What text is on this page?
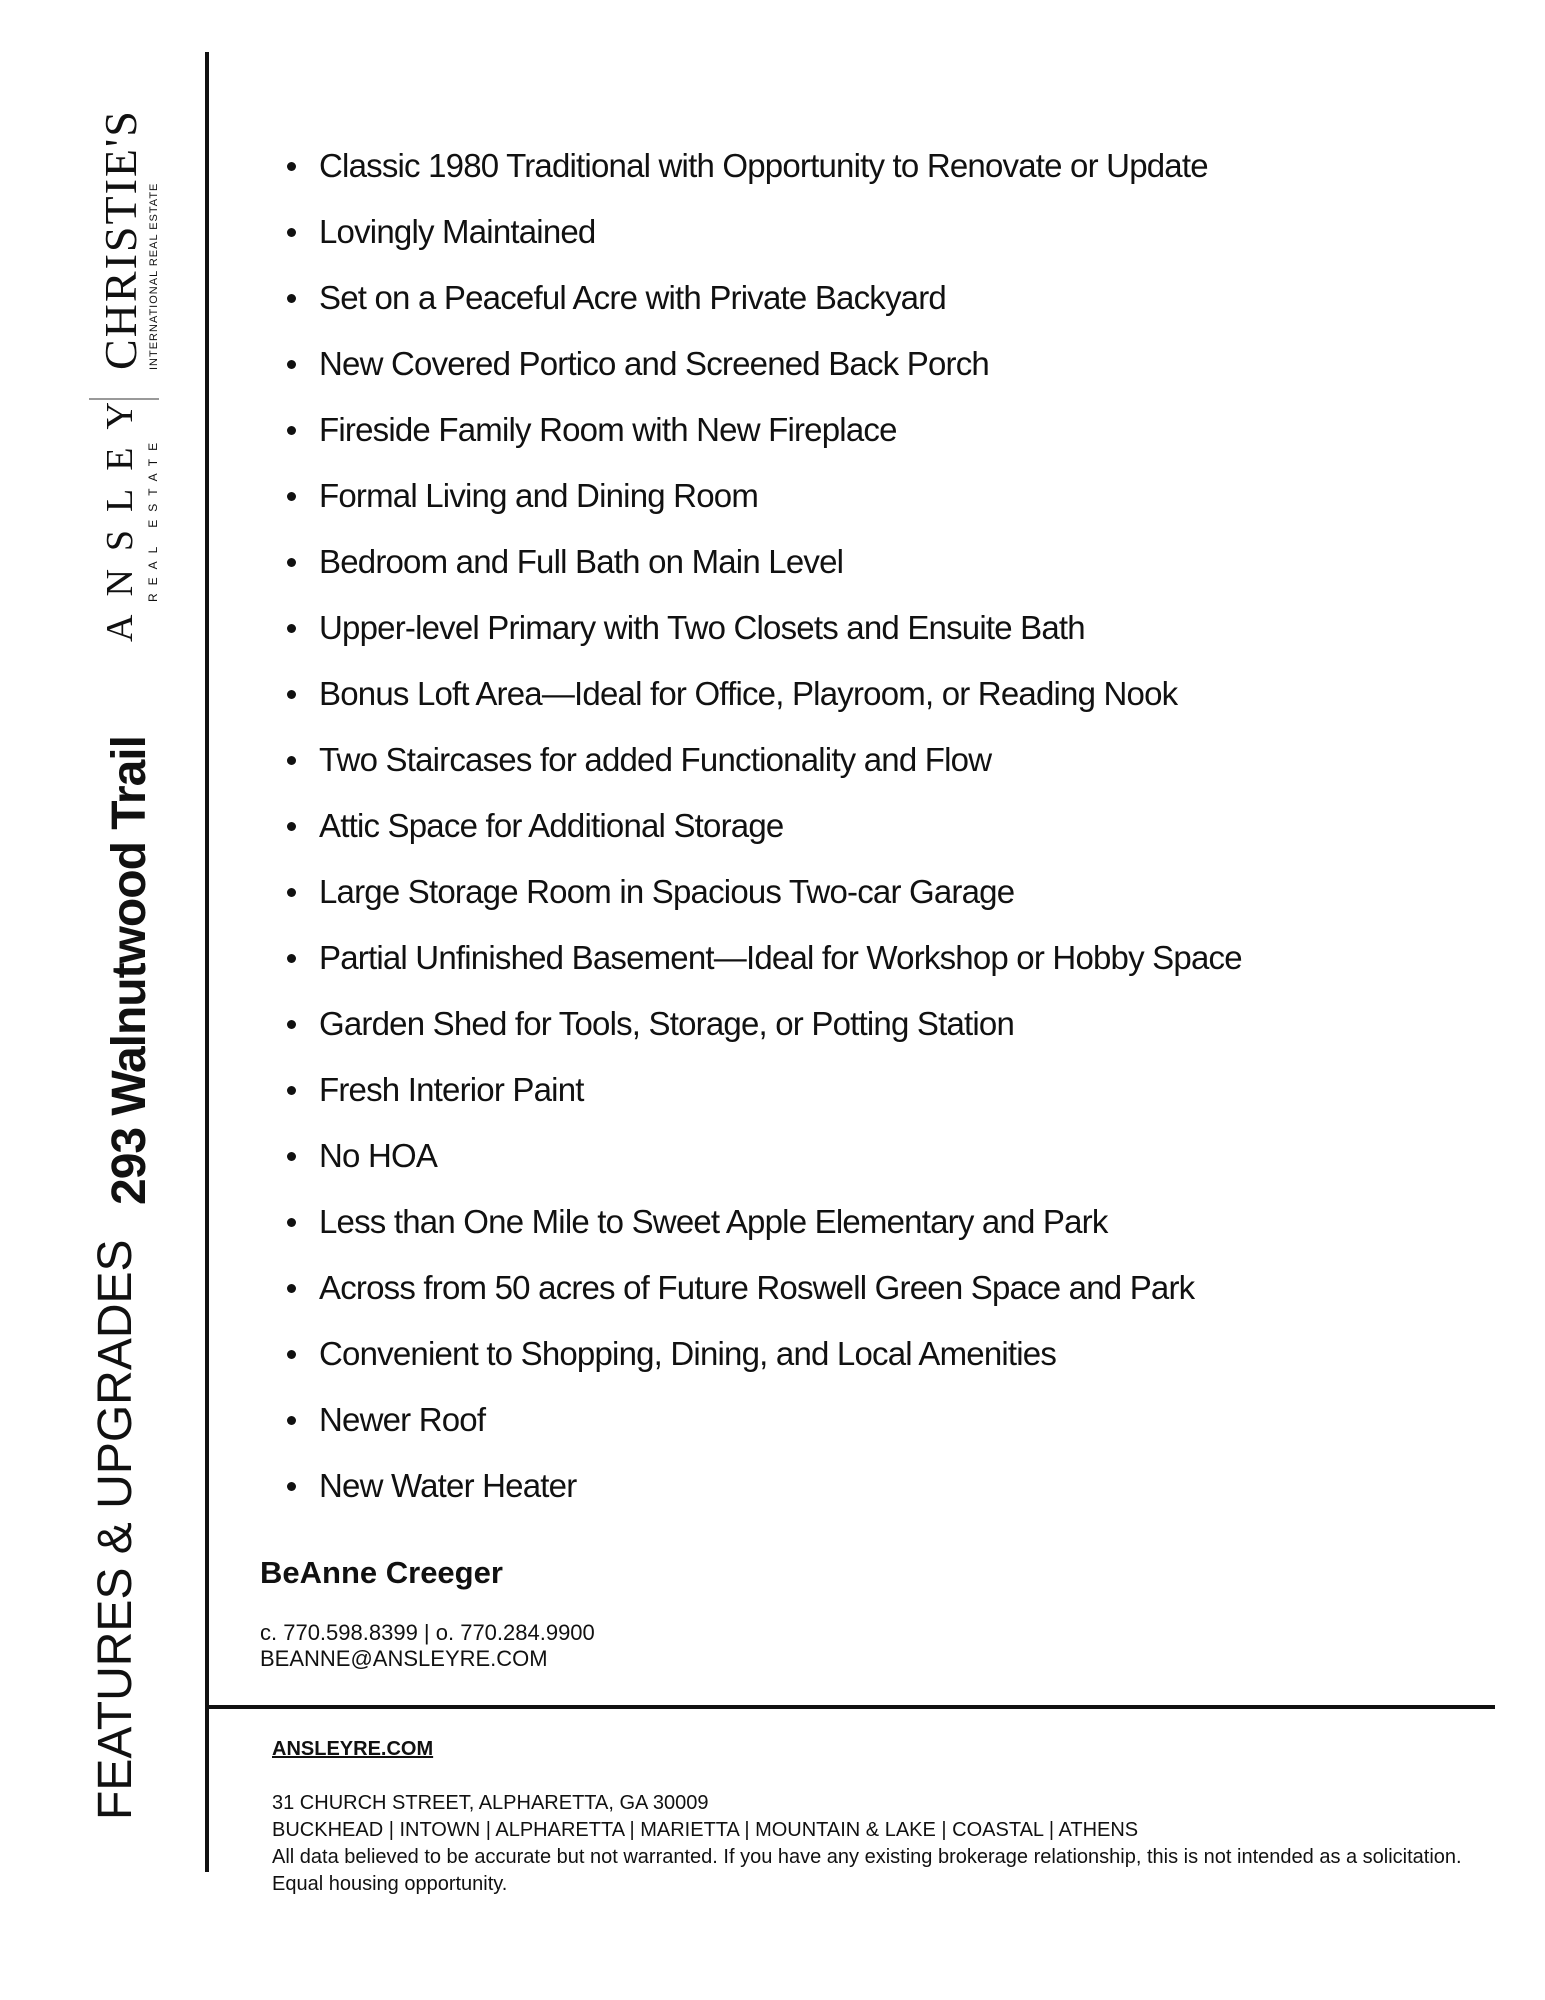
CHRISTIE'S INTERNATIONAL REAL ESTATE
ANSLEY REAL ESTATE
293 Walnutwood Trail
FEATURES & UPGRADES
Classic 1980 Traditional with Opportunity to Renovate or Update
Lovingly Maintained
Set on a Peaceful Acre with Private Backyard
New Covered Portico and Screened Back Porch
Fireside Family Room with New Fireplace
Formal Living and Dining Room
Bedroom and Full Bath on Main Level
Upper-level Primary with Two Closets and Ensuite Bath
Bonus Loft Area—Ideal for Office, Playroom, or Reading Nook
Two Staircases for added Functionality and Flow
Attic Space for Additional Storage
Large Storage Room in Spacious Two-car Garage
Partial Unfinished Basement—Ideal for Workshop or Hobby Space
Garden Shed for Tools, Storage, or Potting Station
Fresh Interior Paint
No HOA
Less than One Mile to Sweet Apple Elementary and Park
Across from 50 acres of Future Roswell Green Space and Park
Convenient to Shopping, Dining, and Local Amenities
Newer Roof
New Water Heater
BeAnne Creeger
c. 770.598.8399 | o. 770.284.9900
BEANNE@ANSLEYRE.COM
ANSLEYRE.COM
31 CHURCH STREET, ALPHARETTA, GA 30009
BUCKHEAD | INTOWN | ALPHARETTA | MARIETTA | MOUNTAIN & LAKE | COASTAL | ATHENS
All data believed to be accurate but not warranted. If you have any existing brokerage relationship, this is not intended as a solicitation. Equal housing opportunity.
